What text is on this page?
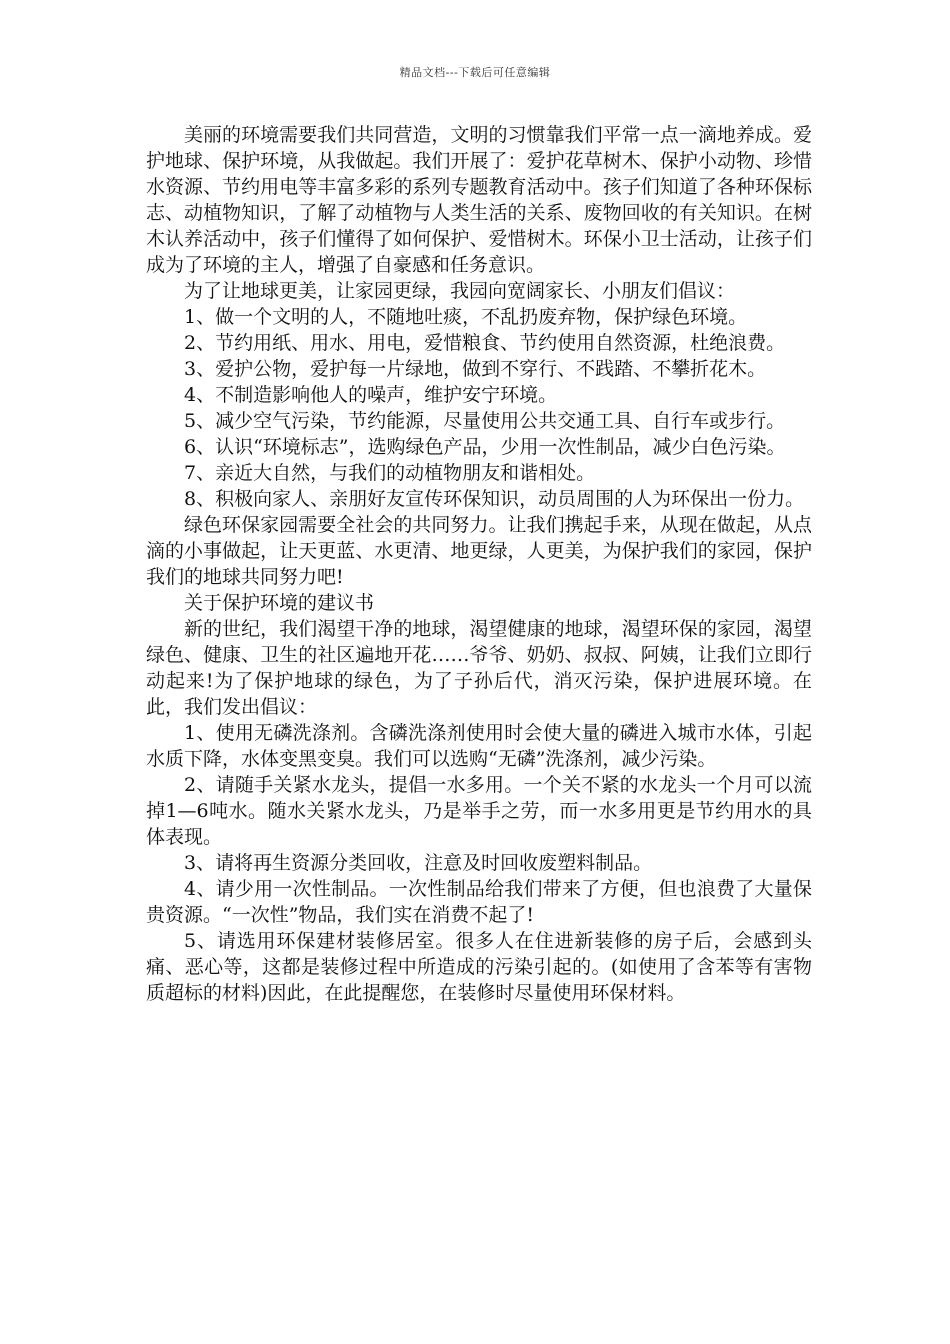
精品文档---下载后可任意编辑

美丽的环境需要我们共同营造，文明的习惯靠我们平常一点一滴地养成。爱护地球、保护环境，从我做起。我们开展了：爱护花草树木、保护小动物、珍惜水资源、节约用电等丰富多彩的系列专题教育活动中。孩子们知道了各种环保标志、动植物知识，了解了动植物与人类生活的关系、废物回收的有关知识。在树木认养活动中，孩子们懂得了如何保护、爱惜树木。环保小卫士活动，让孩子们成为了环境的主人，增强了自豪感和任务意识。

为了让地球更美，让家园更绿，我园向宽阔家长、小朋友们倡议：

1、做一个文明的人，不随地吐痰，不乱扔废弃物，保护绿色环境。

2、节约用纸、用水、用电，爱惜粮食、节约使用自然资源，杜绝浪费。

3、爱护公物，爱护每一片绿地，做到不穿行、不践踏、不攀折花木。

4、不制造影响他人的噪声，维护安宁环境。

5、减少空气污染，节约能源，尽量使用公共交通工具、自行车或步行。

6、认识“环境标志”，选购绿色产品，少用一次性制品，减少白色污染。

7、亲近大自然，与我们的动植物朋友和谐相处。

8、积极向家人、亲朋好友宣传环保知识，动员周围的人为环保出一份力。

绿色环保家园需要全社会的共同努力。让我们携起手来，从现在做起，从点滴的小事做起，让天更蓝、水更清、地更绿，人更美，为保护我们的家园，保护我们的地球共同努力吧!

关于保护环境的建议书

新的世纪，我们渴望干净的地球，渴望健康的地球，渴望环保的家园，渴望绿色、健康、卫生的社区遍地开花……爷爷、奶奶、叔叔、阿姨，让我们立即行动起来!为了保护地球的绿色，为了子孙后代，消灭污染，保护进展环境。在此，我们发出倡议：

1、使用无磷洗涤剂。含磷洗涤剂使用时会使大量的磷进入城市水体，引起水质下降，水体变黑变臭。我们可以选购“无磷”洗涤剂，减少污染。

2、请随手关紧水龙头，提倡一水多用。一个关不紧的水龙头一个月可以流掉1—6吨水。随水关紧水龙头，乃是举手之劳，而一水多用更是节约用水的具体表现。

3、请将再生资源分类回收，注意及时回收废塑料制品。

4、请少用一次性制品。一次性制品给我们带来了方便，但也浪费了大量保贵资源。“一次性”物品，我们实在消费不起了!

5、请选用环保建材装修居室。很多人在住进新装修的房子后，会感到头痛、恶心等，这都是装修过程中所造成的污染引起的。(如使用了含苯等有害物质超标的材料)因此，在此提醒您，在装修时尽量使用环保材料。
